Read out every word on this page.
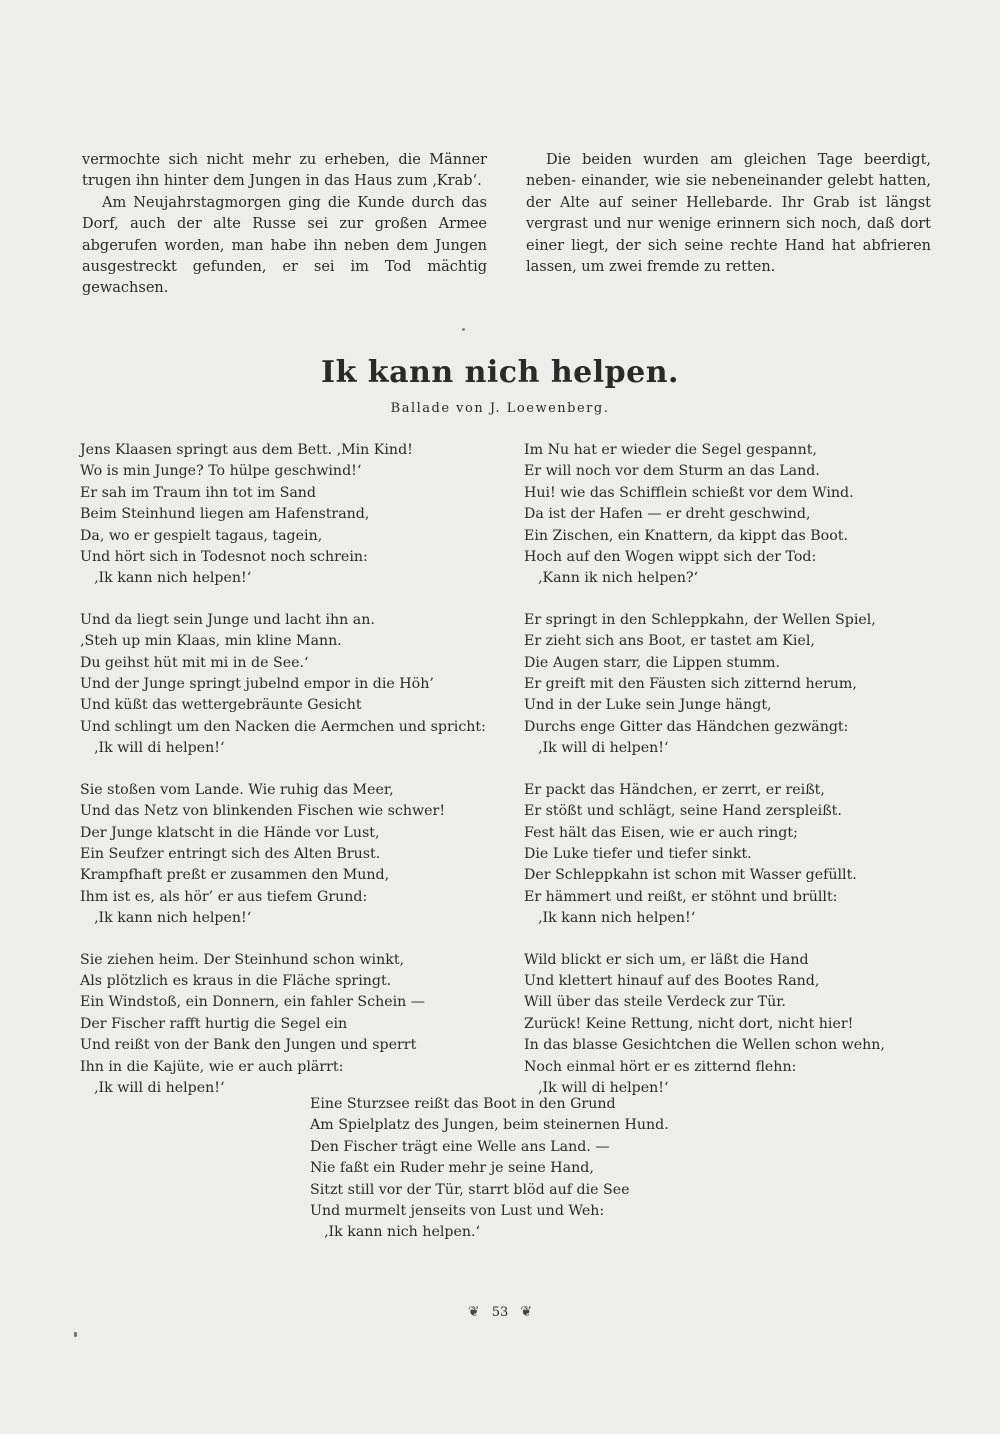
vermochte sich nicht mehr zu erheben, die Männer trugen ihn hinter dem Jungen in das Haus zum ‚Krab‘.

Am Neujahrstagmorgen ging die Kunde durch das Dorf, auch der alte Russe sei zur großen Armee abgerufen worden, man habe ihn neben dem Jungen ausgestreckt gefunden, er sei im Tod mächtig gewachsen.

Die beiden wurden am gleichen Tage beerdigt, neben- einander, wie sie nebeneinander gelebt hatten, der Alte auf seiner Hellebarde. Ihr Grab ist längst vergrast und nur wenige erinnern sich noch, daß dort einer liegt, der sich seine rechte Hand hat abfrieren lassen, um zwei fremde zu retten.

Ik kann nich helpen.
Ballade von J. Loewenberg.
Jens Klaasen springt aus dem Bett. ‚Min Kind!
Wo is min Junge? To hülpe geschwind!‘
Er sah im Traum ihn tot im Sand
Beim Steinhund liegen am Hafenstrand,
Da, wo er gespielt tagaus, tagein,
Und hört sich in Todesnot noch schrein:
‚Ik kann nich helpen!‘
Und da liegt sein Junge und lacht ihn an.
‚Steh up min Klaas, min kline Mann.
Du geihst hüt mit mi in de See.‘
Und der Junge springt jubelnd empor in die Höh’
Und küßt das wettergebräunte Gesicht
Und schlingt um den Nacken die Aermchen und spricht:
‚Ik will di helpen!‘
Sie stoßen vom Lande. Wie ruhig das Meer,
Und das Netz von blinkenden Fischen wie schwer!
Der Junge klatscht in die Hände vor Lust,
Ein Seufzer entringt sich des Alten Brust.
Krampfhaft preßt er zusammen den Mund,
Ihm ist es, als hör’ er aus tiefem Grund:
‚Ik kann nich helpen!‘
Sie ziehen heim. Der Steinhund schon winkt,
Als plötzlich es kraus in die Fläche springt.
Ein Windstoß, ein Donnern, ein fahler Schein —
Der Fischer rafft hurtig die Segel ein
Und reißt von der Bank den Jungen und sperrt
Ihn in die Kajüte, wie er auch plärrt:
‚Ik will di helpen!‘
Im Nu hat er wieder die Segel gespannt,
Er will noch vor dem Sturm an das Land.
Hui! wie das Schifflein schießt vor dem Wind.
Da ist der Hafen — er dreht geschwind,
Ein Zischen, ein Knattern, da kippt das Boot.
Hoch auf den Wogen wippt sich der Tod:
‚Kann ik nich helpen?‘
Er springt in den Schleppkahn, der Wellen Spiel,
Er zieht sich ans Boot, er tastet am Kiel,
Die Augen starr, die Lippen stumm.
Er greift mit den Fäusten sich zitternd herum,
Und in der Luke sein Junge hängt,
Durchs enge Gitter das Händchen gezwängt:
‚Ik will di helpen!‘
Er packt das Händchen, er zerrt, er reißt,
Er stößt und schlägt, seine Hand zerspleißt.
Fest hält das Eisen, wie er auch ringt;
Die Luke tiefer und tiefer sinkt.
Der Schleppkahn ist schon mit Wasser gefüllt.
Er hämmert und reißt, er stöhnt und brüllt:
‚Ik kann nich helpen!‘
Wild blickt er sich um, er läßt die Hand
Und klettert hinauf auf des Bootes Rand,
Will über das steile Verdeck zur Tür.
Zurück! Keine Rettung, nicht dort, nicht hier!
In das blasse Gesichtchen die Wellen schon wehn,
Noch einmal hört er es zitternd flehn:
‚Ik will di helpen!‘
Eine Sturzsee reißt das Boot in den Grund
Am Spielplatz des Jungen, beim steinernen Hund.
Den Fischer trägt eine Welle ans Land. —
Nie faßt ein Ruder mehr je seine Hand,
Sitzt still vor der Tür, starrt blöd auf die See
Und murmelt jenseits von Lust und Weh:
‚Ik kann nich helpen.‘
❦ 53 ❦
